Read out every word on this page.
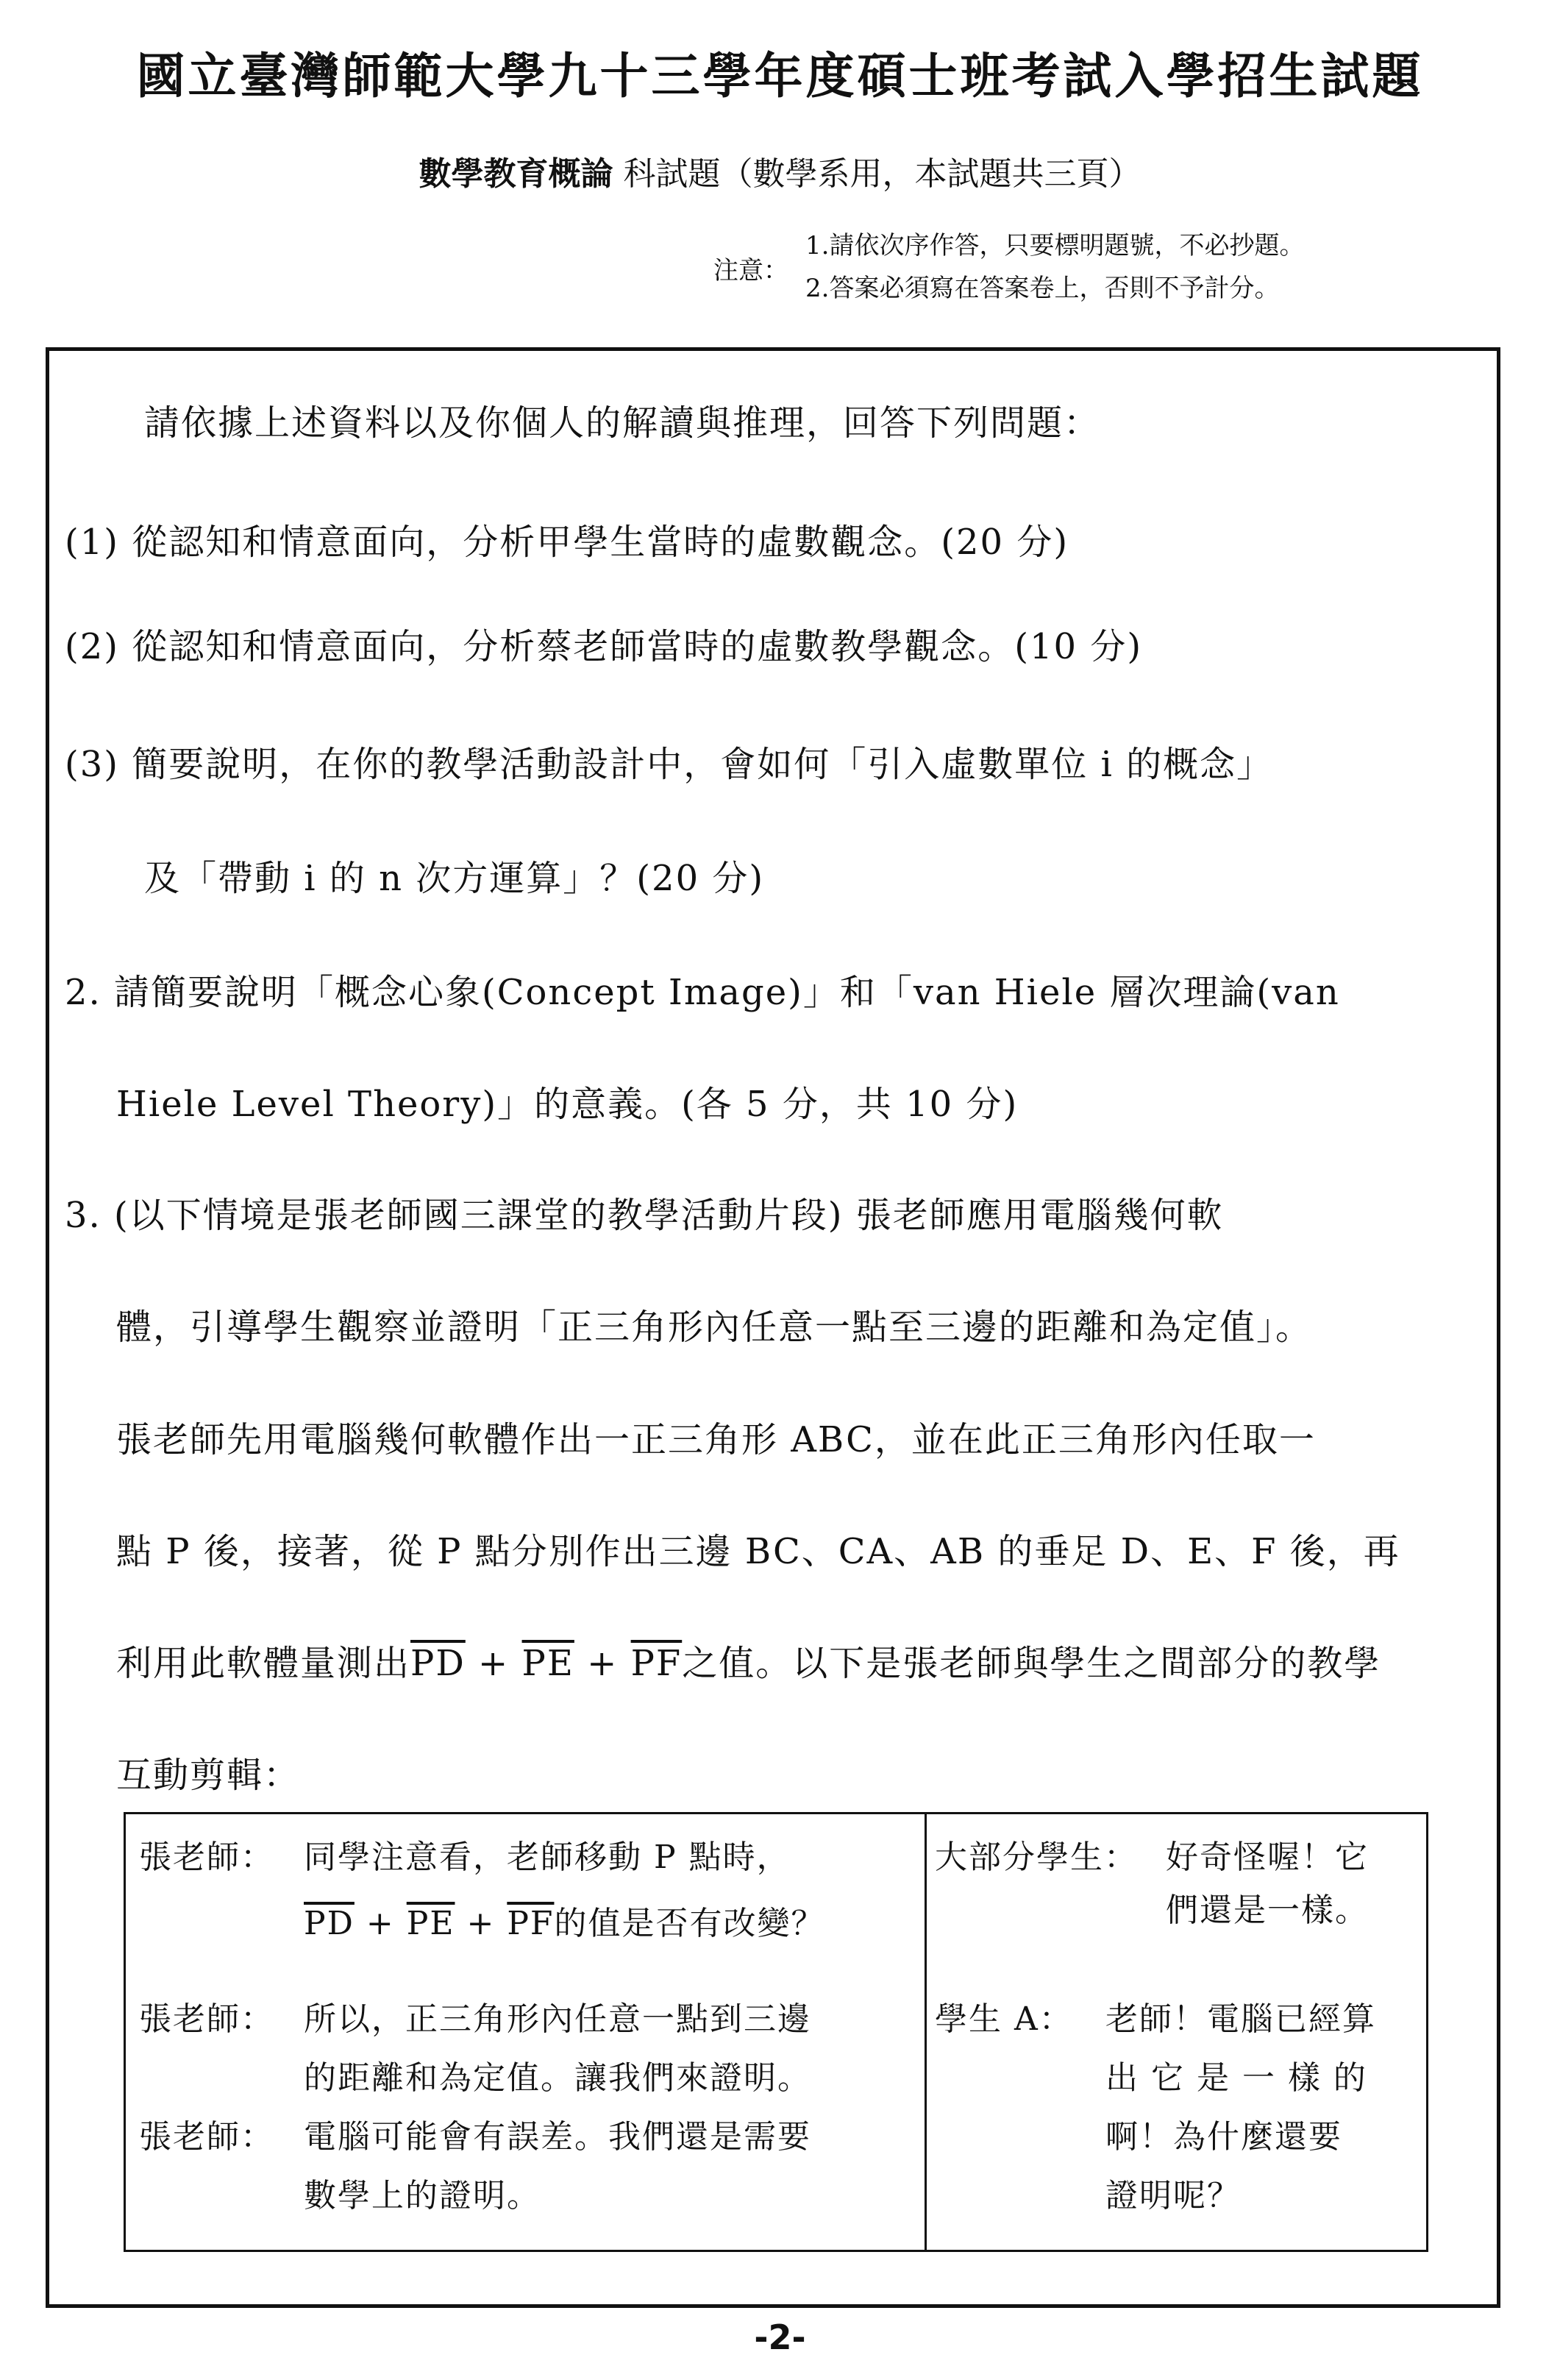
國立臺灣師範大學九十三學年度碩士班考試入學招生試題
數學教育概論 科試題（數學系用，本試題共三頁）
注意：
1.請依次序作答，只要標明題號，不必抄題。
2.答案必須寫在答案卷上，否則不予計分。
請依據上述資料以及你個人的解讀與推理，回答下列問題：
(1) 從認知和情意面向，分析甲學生當時的虛數觀念。(20 分)
(2) 從認知和情意面向，分析蔡老師當時的虛數教學觀念。(10 分)
(3) 簡要說明，在你的教學活動設計中，會如何「引入虛數單位 i 的概念」
及「帶動 i 的 n 次方運算」？(20 分)
2. 請簡要說明「概念心象(Concept Image)」和「van Hiele 層次理論(van
Hiele Level Theory)」的意義。(各 5 分，共 10 分)
3. (以下情境是張老師國三課堂的教學活動片段) 張老師應用電腦幾何軟
體，引導學生觀察並證明「正三角形內任意一點至三邊的距離和為定值」。
張老師先用電腦幾何軟體作出一正三角形 ABC，並在此正三角形內任取一
點 P 後，接著，從 P 點分別作出三邊 BC、CA、AB 的垂足 D、E、F 後，再
利用此軟體量測出$\overline{PD} + \overline{PE} + \overline{PF}$之值。以下是張老師與學生之間部分的教學
互動剪輯：
張老師： 同學注意看，老師移動 P 點時，
$\overline{PD} + \overline{PE} + \overline{PF}$的值是否有改變？
張老師： 所以，正三角形內任意一點到三邊
的距離和為定值。讓我們來證明。
張老師： 電腦可能會有誤差。我們還是需要
數學上的證明。
大部分學生： 好奇怪喔！它
們還是一樣。
學生 A： 老師！電腦已經算
出 它 是 一 樣 的
啊！為什麼還要
證明呢？
-2-
